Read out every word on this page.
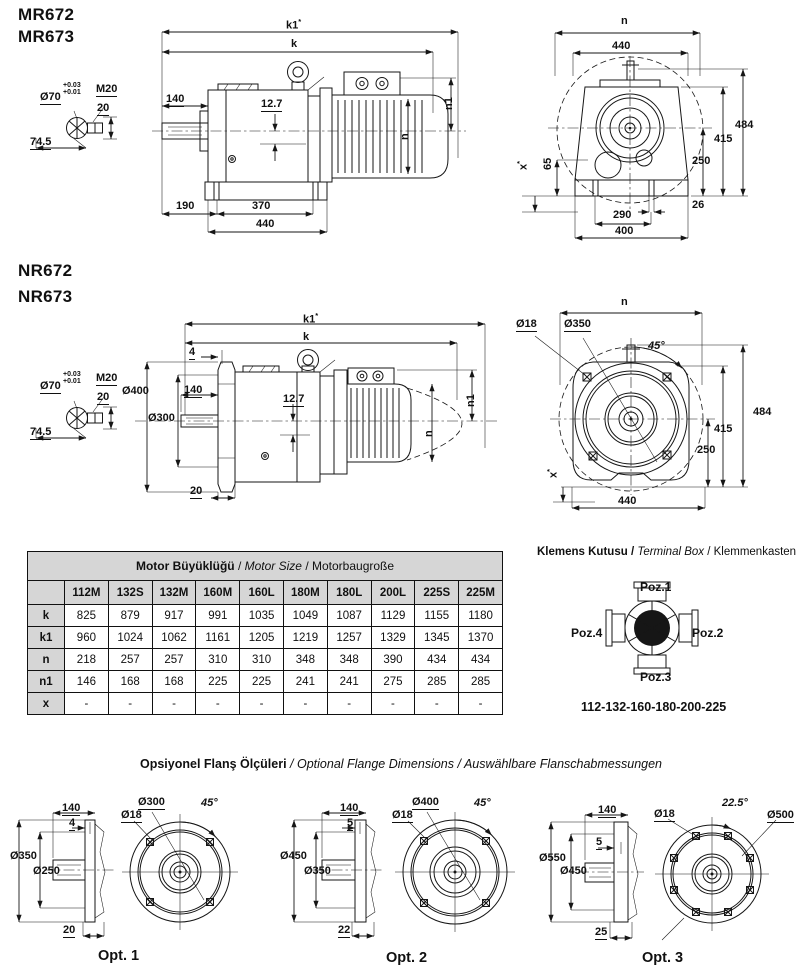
MR672
MR673
Ø70
+0.03
+0.01 M20
20
74.5
k1*
k
140	12.7
n
n1
190	370
440
n
440
484
415
250
65
x*
26
290
400
NR672
NR673
Ø70
+0.03
+0.01 M20
20
74.5
k1*
k
4
140
Ø400
Ø300
12.7
20
n
n1
n
Ø18 Ø350
45°
484
415
250
440
x*
Motor Büyüklüğü / Motor Size / Motorbaugroße										
	112M	132S	132M	160M	160L	180M	180L	200L	225S	225M
k	825	879	917	991	1035	1049	1087	1129	1155	1180
k1	960	1024	1062	1161	1205	1219	1257	1329	1345	1370
n	218	257	257	310	310	348	348	390	434	434
n1	146	168	168	225	225	241	241	275	285	285
x	-	-	-	-	-	-	-	-	-	-
Klemens Kutusu / Terminal Box / Klemmenkasten
Poz.1
Poz.2
Poz.3
Poz.4
112-132-160-180-200-225
Opsiyonel Flanş Ölçüleri / Optional Flange Dimensions / Auswählbare Flanschabmessungen
140
4
Ø350
Ø250
20
Ø300
Ø18
45°
Opt. 1
140
5
Ø450
Ø350
22
Ø400
Ø18
45°
Opt. 2
140
5
Ø550
Ø450
25
Ø18
22.5°
Ø500
Opt. 3
